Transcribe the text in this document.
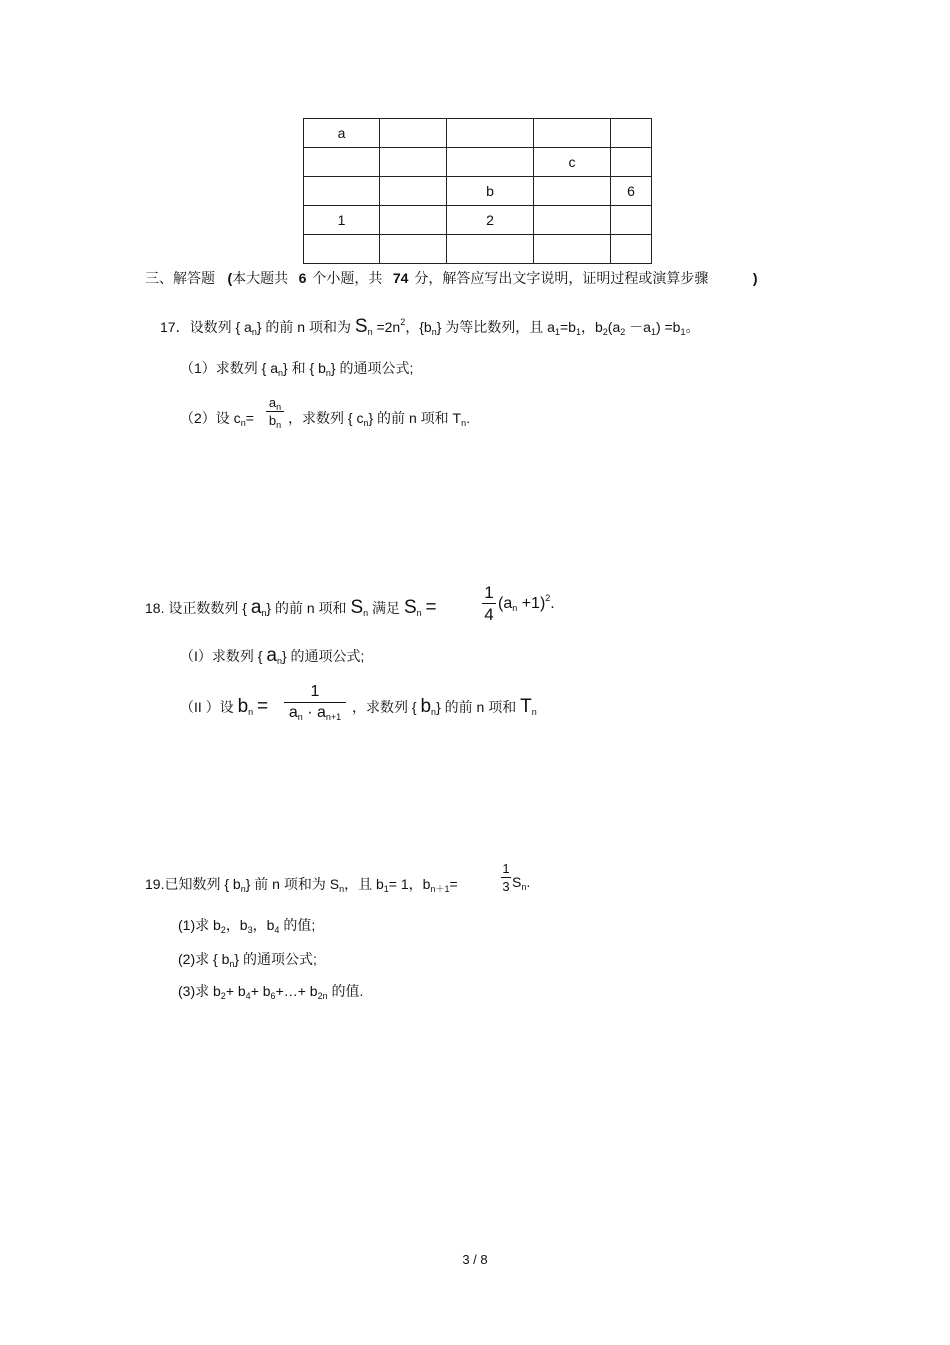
a				
			c	
		b		6
1		2		

三、解答题 (本大题共 6 个小题，共 74 分，解答应写出文字说明，证明过程或演算步骤	)
17．设数列 { $a_n$} 的前 n 项和为 $S_n =2n^2$，$\{b_n\}$ 为等比数列，且 $a_1=b_1$，$b_2(a_2 -a_1) =b_1$。
（1）求数列 { $a_n$} 和 { $b_n$} 的通项公式;
（2）设 $c_n=$
$a_n$
$b_n$ ，求数列 { $c_n$} 的前 n 项和 $T_n$.
18. 设正数数列 { $a_n$} 的前 n 项和 $S_n$ 满足 $S_n$ =
1
4
$(a_n +1)^2$.
（I）求数列 { $a_n$} 的通项公式;
（II ）设 $b_n$ =
1
$a_n \cdot a_{n+1}$
，求数列 { $b_n$} 的前 n 项和 $T_n$
19.已知数列 { $b_n$} 前 n 项和为 $S_n$，且 $b_1= 1$，$b_{n+1}=$
1
3 $S_n$.
(1)求 $b_2$，$b_3$，$b_4$ 的值;
(2)求 { $b_n$} 的通项公式;
(3)求 $b_2+ b_4+$ $b_6+\dots+ b_{2n}$ 的值.
3 / 8
